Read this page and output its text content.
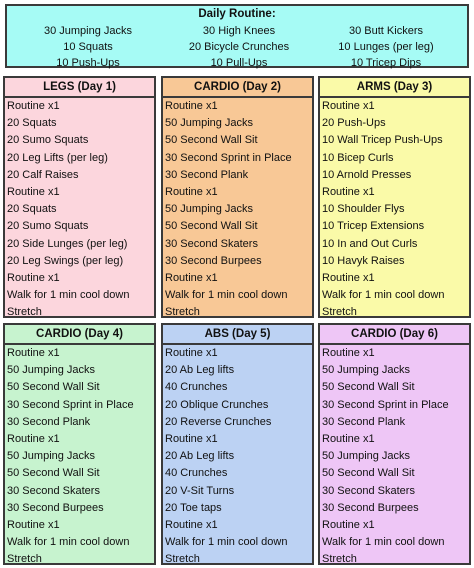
Daily Routine:
30 Jumping Jacks	30 High Knees	30 Butt Kickers
10 Squats	20 Bicycle Crunches	10 Lunges (per leg)
10 Push-Ups	10 Pull-Ups	10 Tricep Dips
LEGS (Day 1)
Routine x1
20 Squats
20 Sumo Squats
20 Leg Lifts (per leg)
20 Calf Raises
Routine x1
20 Squats
20 Sumo Squats
20 Side Lunges (per leg)
20 Leg Swings (per leg)
Routine x1
Walk for 1 min cool down
Stretch
CARDIO (Day 2)
Routine x1
50 Jumping Jacks
50 Second Wall Sit
30 Second Sprint in Place
30 Second Plank
Routine x1
50 Jumping Jacks
50 Second Wall Sit
30 Second Skaters
30 Second Burpees
Routine x1
Walk for 1 min cool down
Stretch
ARMS (Day 3)
Routine x1
20 Push-Ups
10 Wall Tricep Push-Ups
10 Bicep Curls
10 Arnold Presses
Routine x1
10 Shoulder Flys
10 Tricep Extensions
10 In and Out Curls
10 Havyk Raises
Routine x1
Walk for 1 min cool down
Stretch
CARDIO (Day 4)
Routine x1
50 Jumping Jacks
50 Second Wall Sit
30 Second Sprint in Place
30 Second Plank
Routine x1
50 Jumping Jacks
50 Second Wall Sit
30 Second Skaters
30 Second Burpees
Routine x1
Walk for 1 min cool down
Stretch
ABS (Day 5)
Routine x1
20 Ab Leg lifts
40 Crunches
20 Oblique Crunches
20 Reverse Crunches
Routine x1
20 Ab Leg lifts
40 Crunches
20 V-Sit Turns
20 Toe taps
Routine x1
Walk for 1 min cool down
Stretch
CARDIO (Day 6)
Routine x1
50 Jumping Jacks
50 Second Wall Sit
30 Second Sprint in Place
30 Second Plank
Routine x1
50 Jumping Jacks
50 Second Wall Sit
30 Second Skaters
30 Second Burpees
Routine x1
Walk for 1 min cool down
Stretch
